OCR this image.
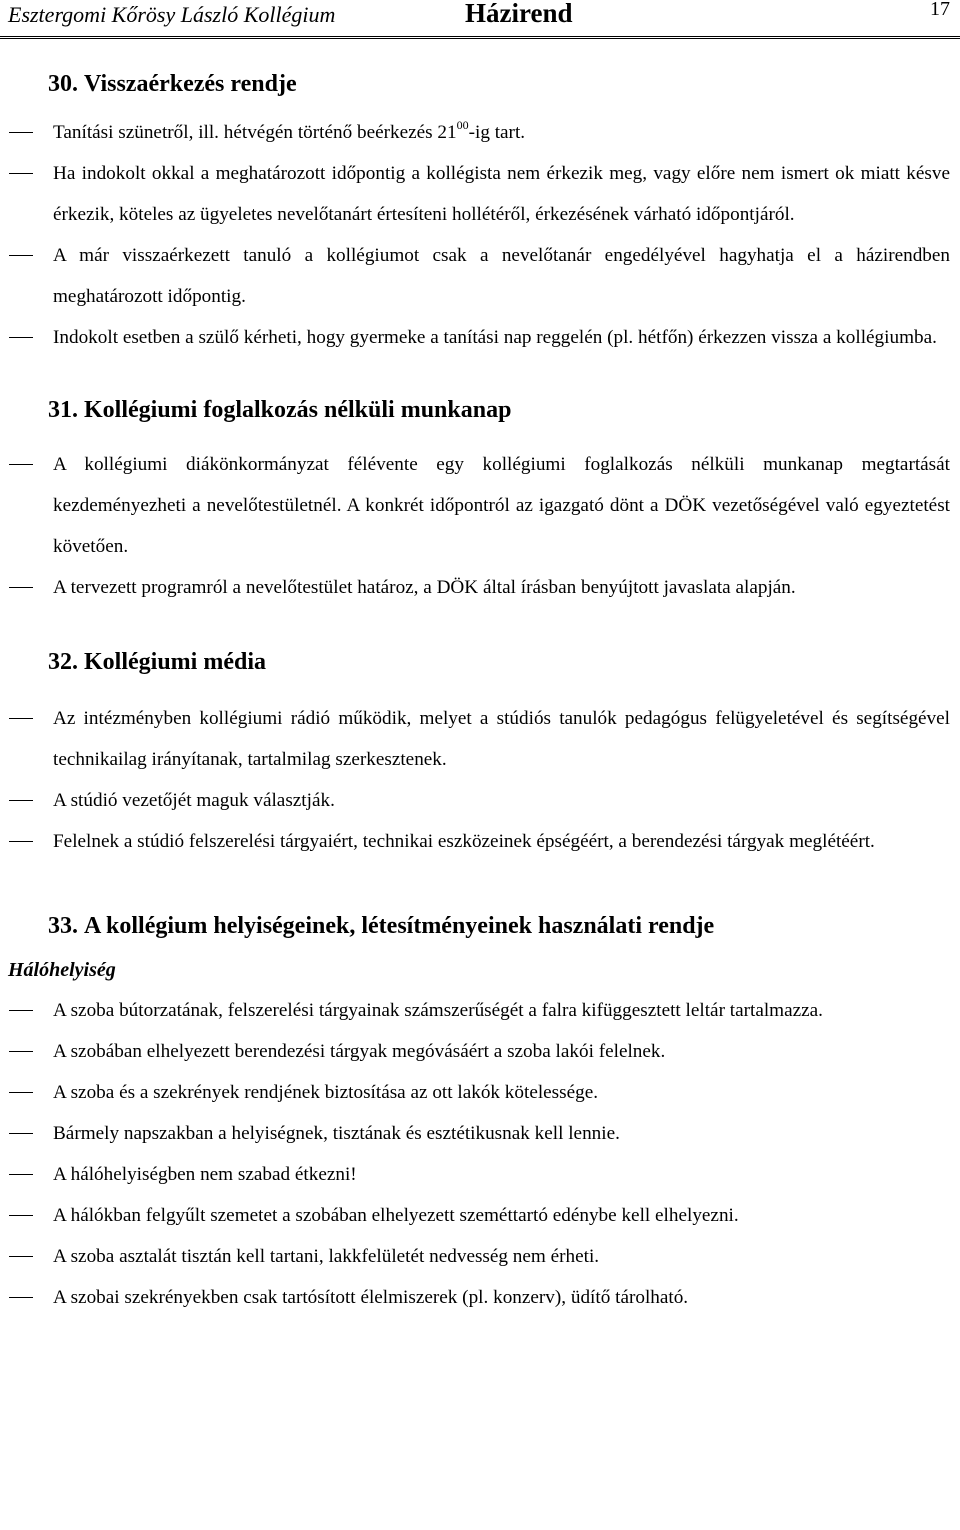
Esztergomi Kőrösy László Kollégium	Házirend	17
30. Visszaérkezés rendje
Tanítási szünetről, ill. hétvégén történő beérkezés $21^{00}-ig$ tart.
Ha indokolt okkal a meghatározott időpontig a kollégista nem érkezik meg, vagy előre nem ismert ok miatt késve érkezik, köteles az ügyeletes nevelőtanárt értesíteni hollétéről, érkezésének várható időpontjáról.
A már visszaérkezett tanuló a kollégiumot csak a nevelőtanár engedélyével hagyhatja el a házirendben meghatározott időpontig.
Indokolt esetben a szülő kérheti, hogy gyermeke a tanítási nap reggelén (pl. hétfőn) érkezzen vissza a kollégiumba.
31. Kollégiumi foglalkozás nélküli munkanap
A kollégiumi diákönkormányzat félévente egy kollégiumi foglalkozás nélküli munkanap megtartását kezdeményezheti a nevelőtestületnél. A konkrét időpontról az igazgató dönt a DÖK vezetőségével való egyeztetést követően.
A tervezett programról a nevelőtestület határoz, a DÖK által írásban benyújtott javaslata alapján.
32. Kollégiumi média
Az intézményben kollégiumi rádió működik, melyet a stúdiós tanulók pedagógus felügyeletével és segítségével technikailag irányítanak, tartalmilag szerkesztenek.
A stúdió vezetőjét maguk választják.
Felelnek a stúdió felszerelési tárgyaiért, technikai eszközeinek épségéért, a berendezési tárgyak meglétéért.
33. A kollégium helyiségeinek, létesítményeinek használati rendje
Hálóhelyiség
A szoba bútorzatának, felszerelési tárgyainak számszerűségét a falra kifüggesztett leltár tartalmazza.
A szobában elhelyezett berendezési tárgyak megóvásáért a szoba lakói felelnek.
A szoba és a szekrények rendjének biztosítása az ott lakók kötelessége.
Bármely napszakban a helyiségnek, tisztának és esztétikusnak kell lennie.
A hálóhelyiségben nem szabad étkezni!
A hálókban felgyűlt szemetet a szobában elhelyezett szeméttartó edénybe kell elhelyezni.
A szoba asztalát tisztán kell tartani, lakkfelületét nedvesség nem érheti.
A szobai szekrényekben csak tartósított élelmiszerek (pl. konzerv), üdítő tárolható.
